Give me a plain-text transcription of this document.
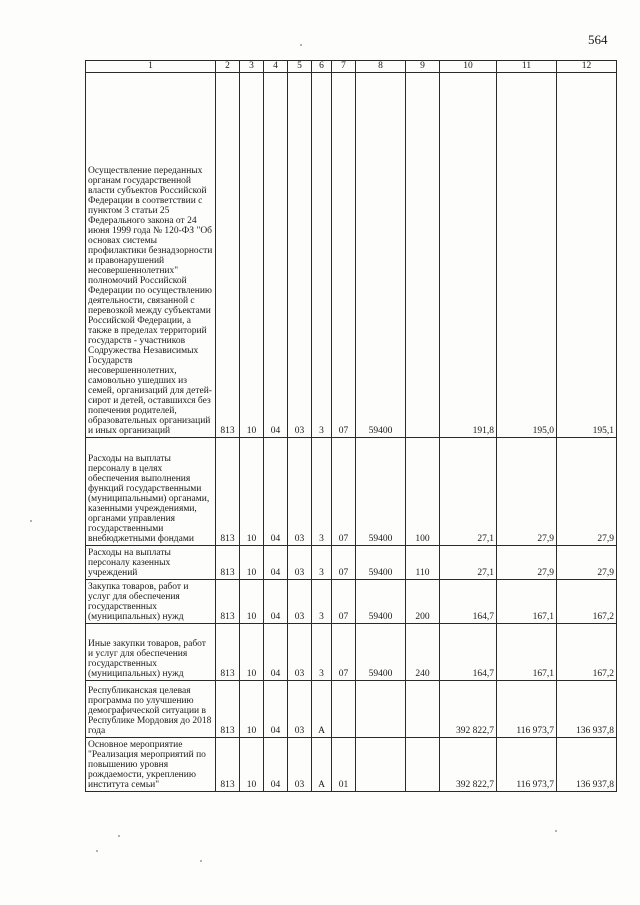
564
1	2	3	4	5	6	7	8	9	10	11	12
Осуществление переданных органам государственной власти субъектов Российской Федерации в соответствии с пунктом 3 статьи 25 Федерального закона от 24 июня 1999 года № 120-ФЗ "Об основах системы профилактики безнадзорности и правонарушений несовершеннолетних" полномочий Российской Федерации по осуществлению деятельности, связанной с перевозкой между субъектами Российской Федерации, а также в пределах территорий государств - участников Содружества Независимых Государств несовершеннолетних, самовольно ушедших из семей, организаций для детей-сирот и детей, оставшихся без попечения родителей, образовательных организаций и иных организаций	813	10	04	03	3	07	59400		191,8	195,0	195,1
Расходы на выплаты персоналу в целях обеспечения выполнения функций государственными (муниципальными) органами, казенными учреждениями, органами управления государственными внебюджетными фондами	813	10	04	03	3	07	59400	100	27,1	27,9	27,9
Расходы на выплаты персоналу казенных учреждений	813	10	04	03	3	07	59400	110	27,1	27,9	27,9
Закупка товаров, работ и услуг для обеспечения государственных (муниципальных) нужд	813	10	04	03	3	07	59400	200	164,7	167,1	167,2
Иные закупки товаров, работ и услуг для обеспечения государственных (муниципальных) нужд	813	10	04	03	3	07	59400	240	164,7	167,1	167,2
Республиканская целевая программа по улучшению демографической ситуации в Республике Мордовия до 2018 года	813	10	04	03	А				392 822,7	116 973,7	136 937,8
Основное мероприятие "Реализация мероприятий по повышению уровня рождаемости, укреплению института семьи"	813	10	04	03	А	01			392 822,7	116 973,7	136 937,8
